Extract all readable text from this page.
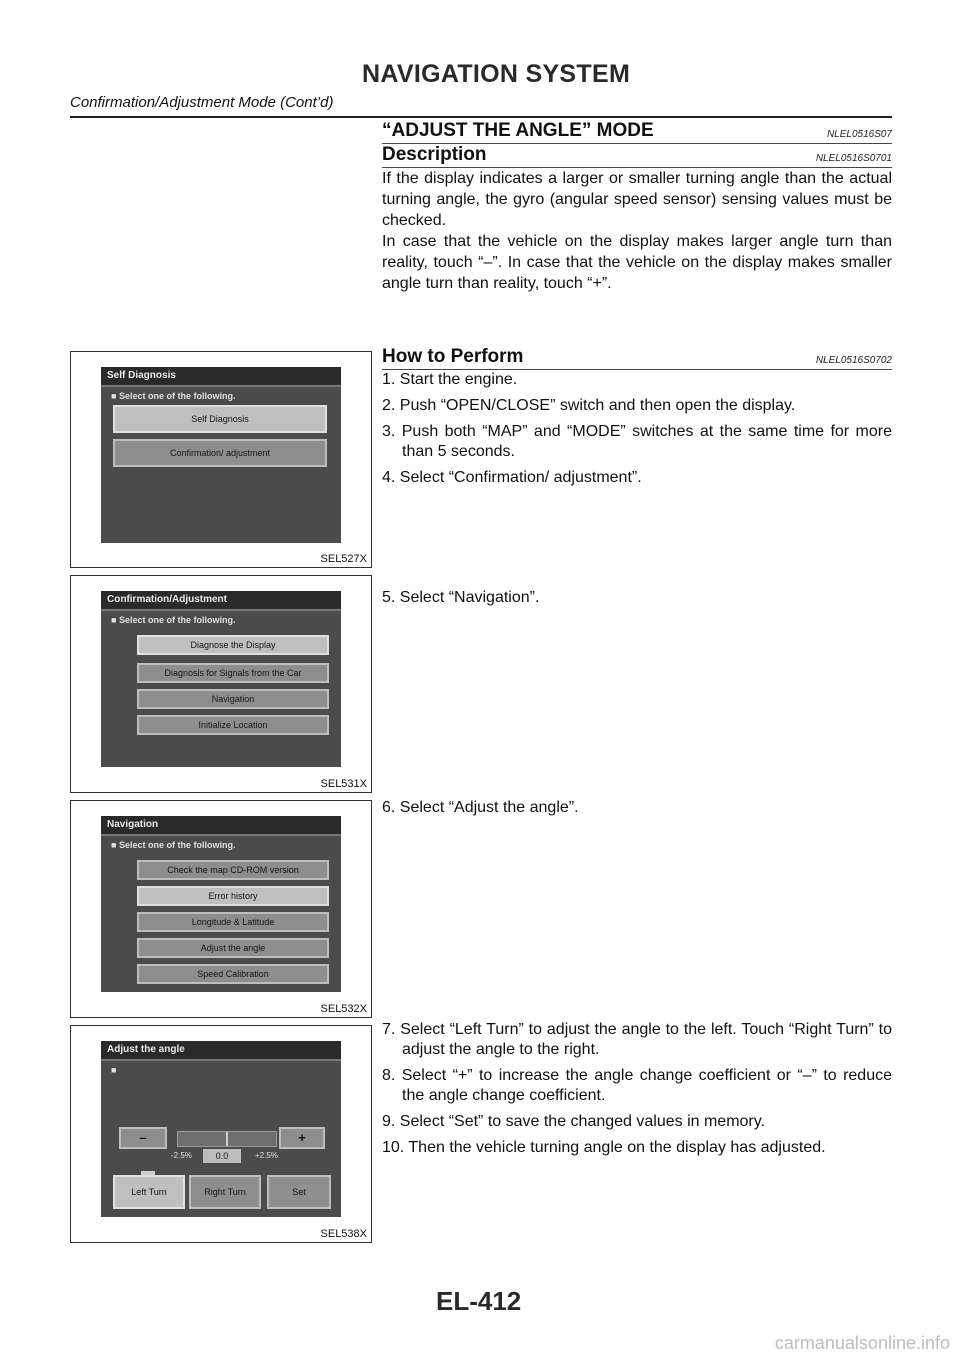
NAVIGATION SYSTEM
Confirmation/Adjustment Mode (Cont’d)
“ADJUST THE ANGLE” MODE	NLEL0516S07
Description	NLEL0516S0701
If the display indicates a larger or smaller turning angle than the actual turning angle, the gyro (angular speed sensor) sensing values must be checked.
In case that the vehicle on the display makes larger angle turn than reality, touch “–”. In case that the vehicle on the display makes smaller angle turn than reality, touch “+”.
How to Perform	NLEL0516S0702
1. Start the engine.
2. Push “OPEN/CLOSE” switch and then open the display.
3. Push both “MAP” and “MODE” switches at the same time for more than 5 seconds.
4. Select “Confirmation/ adjustment”.
5. Select “Navigation”.
6. Select “Adjust the angle”.
7. Select “Left Turn” to adjust the angle to the left. Touch “Right Turn” to adjust the angle to the right.
8. Select “+” to increase the angle change coefficient or “–” to reduce the angle change coefficient.
9. Select “Set” to save the changed values in memory.
10. Then the vehicle turning angle on the display has adjusted.
Self Diagnosis
■ Select one of the following.
Self Diagnosis
Confirmation/ adjustment
SEL527X
Confirmation/Adjustment
■ Select one of the following.
Diagnose the Display
Diagnosis for Signals from the Car
Navigation
Initialize Location
SEL531X
Navigation
■ Select one of the following.
Check the map CD-ROM version
Error history
Longitude & Latitude
Adjust the angle
Speed Calibration
SEL532X
Adjust the angle
■
–	+
-2.5%	0.0	+2.5%
Left Turn	Right Turn	Set
SEL538X
EL-412
carmanualsonline.info
